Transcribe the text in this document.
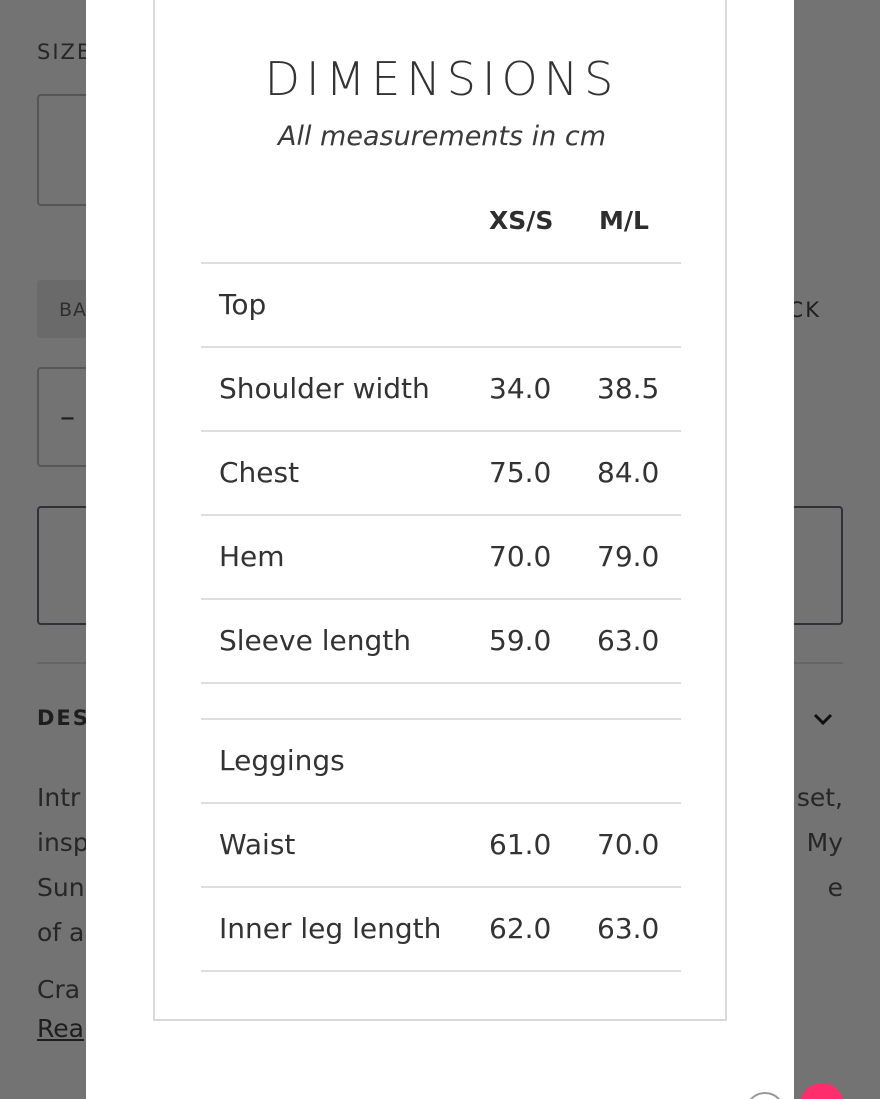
DIMENSIONS
All measurements in cm
XS/S M/L
Top
Shoulder width 34.0 38.5
Chest	75.0 84.0
Hem	70.0 79.0
Sleeve length	59.0 63.0
Leggings
Waist	61.0 70.0
Inner leg length 62.0 63.0
